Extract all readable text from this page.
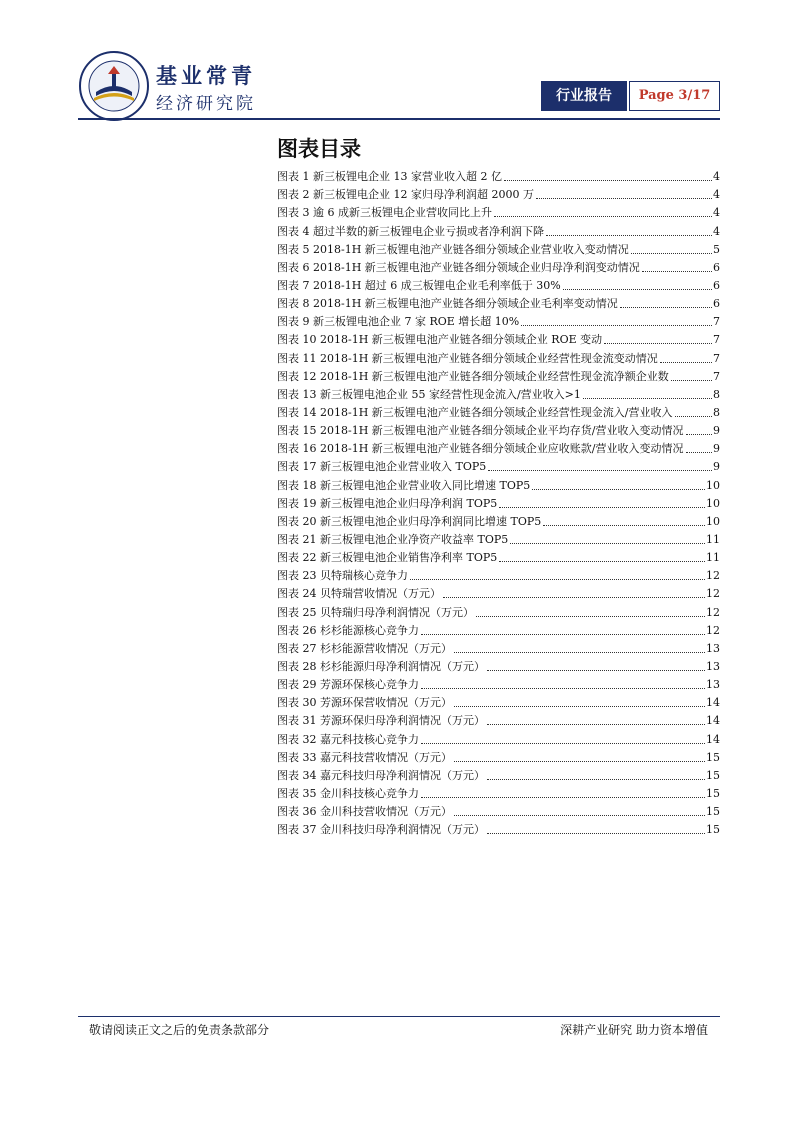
基业常青
经济研究院	行业报告	Page 3/17
图表目录
图表 1 新三板锂电企业 13 家营业收入超 2 亿	4
图表 2 新三板锂电企业 12 家归母净利润超 2000 万	4
图表 3 逾 6 成新三板锂电企业营收同比上升	4
图表 4 超过半数的新三板锂电企业亏损或者净利润下降	4
图表 5 2018-1H 新三板锂电池产业链各细分领域企业营业收入变动情况	5
图表 6 2018-1H 新三板锂电池产业链各细分领域企业归母净利润变动情况	6
图表 7 2018-1H 超过 6 成三板锂电企业毛利率低于 30%	6
图表 8 2018-1H 新三板锂电池产业链各细分领域企业毛利率变动情况	6
图表 9 新三板锂电池企业 7 家 ROE 增长超 10%	7
图表 10 2018-1H 新三板锂电池产业链各细分领域企业 ROE 变动	7
图表 11 2018-1H 新三板锂电池产业链各细分领域企业经营性现金流变动情况	7
图表 12 2018-1H 新三板锂电池产业链各细分领域企业经营性现金流净额企业数	7
图表 13 新三板锂电池企业 55 家经营性现金流入/营业收入>1	8
图表 14 2018-1H 新三板锂电池产业链各细分领域企业经营性现金流入/营业收入	8
图表 15 2018-1H 新三板锂电池产业链各细分领域企业平均存货/营业收入变动情况	9
图表 16 2018-1H 新三板锂电池产业链各细分领域企业应收账款/营业收入变动情况	9
图表 17 新三板锂电池企业营业收入 TOP5	9
图表 18 新三板锂电池企业营业收入同比增速 TOP5	10
图表 19 新三板锂电池企业归母净利润 TOP5	10
图表 20 新三板锂电池企业归母净利润同比增速 TOP5	10
图表 21 新三板锂电池企业净资产收益率 TOP5	11
图表 22 新三板锂电池企业销售净利率 TOP5	11
图表 23 贝特瑞核心竞争力	12
图表 24 贝特瑞营收情况（万元）	12
图表 25 贝特瑞归母净利润情况（万元）	12
图表 26 杉杉能源核心竞争力	12
图表 27 杉杉能源营收情况（万元）	13
图表 28 杉杉能源归母净利润情况（万元）	13
图表 29 芳源环保核心竞争力	13
图表 30 芳源环保营收情况（万元）	14
图表 31 芳源环保归母净利润情况（万元）	14
图表 32 嘉元科技核心竞争力	14
图表 33 嘉元科技营收情况（万元）	15
图表 34 嘉元科技归母净利润情况（万元）	15
图表 35 金川科技核心竞争力	15
图表 36 金川科技营收情况（万元）	15
图表 37 金川科技归母净利润情况（万元）	15
敬请阅读正文之后的免责条款部分	深耕产业研究 助力资本增值
